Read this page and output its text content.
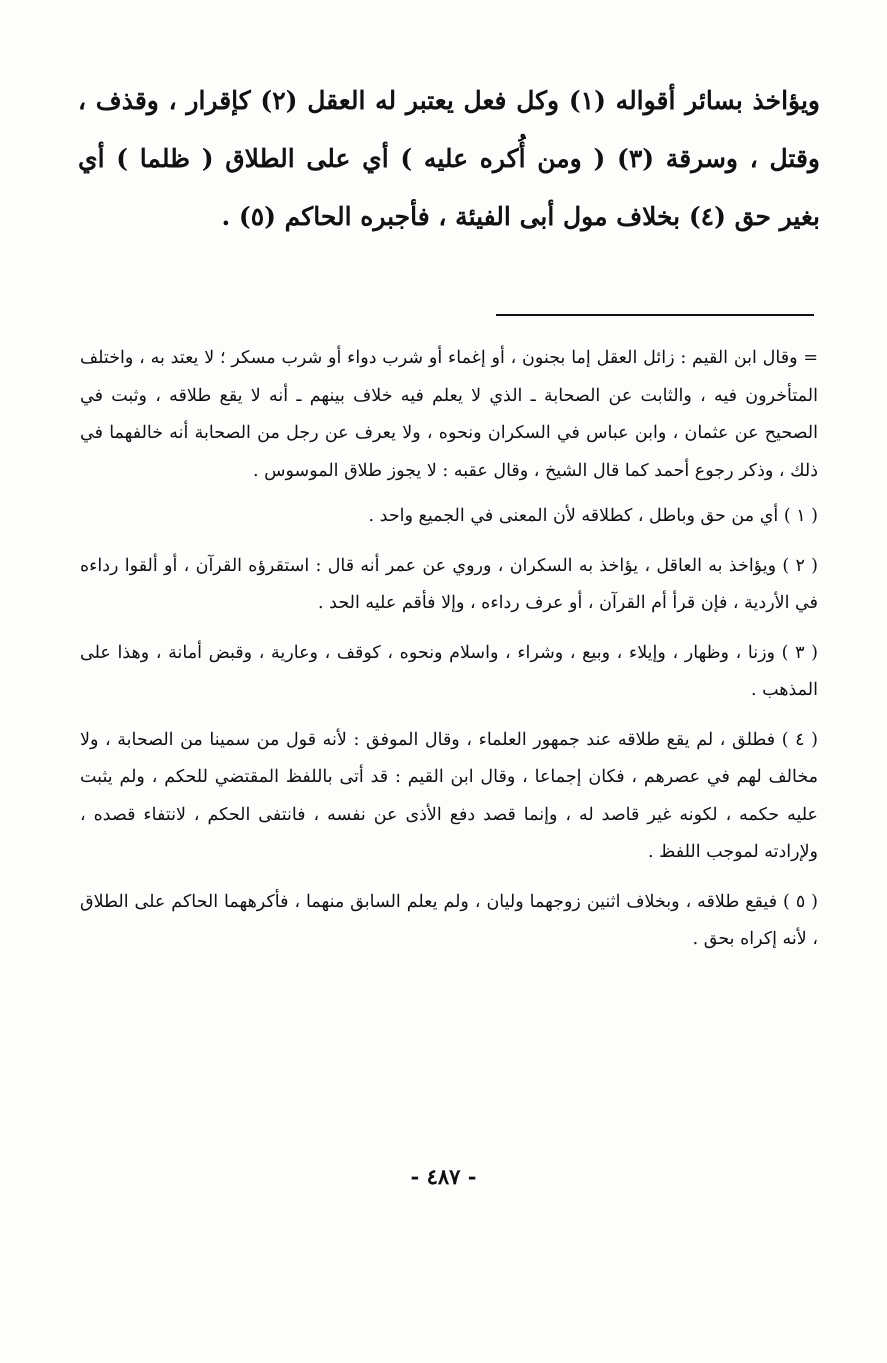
ويؤاخذ بسائر أقواله (١) وكل فعل يعتبر له العقل (٢) كإقرار ، وقذف ، وقتل ، وسرقة (٣) ( ومن أُكره عليه ) أي على الطلاق ( ظلما ) أي بغير حق (٤) بخلاف مول أبى الفيئة ، فأجبره الحاكم (٥) .

= وقال ابن القيم : زائل العقل إما بجنون ، أو إغماء أو شرب دواء أو شرب مسكر ؛ لا يعتد به ، واختلف المتأخرون فيه ، والثابت عن الصحابة ـ الذي لا يعلم فيه خلاف بينهم ـ أنه لا يقع طلاقه ، وثبت في الصحيح عن عثمان ، وابن عباس في السكران ونحوه ، ولا يعرف عن رجل من الصحابة أنه خالفهما في ذلك ، وذكر رجوع أحمد كما قال الشيخ ، وقال عقبه : لا يجوز طلاق الموسوس .

( ١ ) أي من حق وباطل ، كطلاقه لأن المعنى في الجميع واحد .

( ٢ ) ويؤاخذ به العاقل ، يؤاخذ به السكران ، وروي عن عمر أنه قال : استقرؤه القرآن ، أو ألقوا رداءه في الأردية ، فإن قرأ أم القرآن ، أو عرف رداءه ، وإلا فأقم عليه الحد .

( ٣ ) وزنا ، وظهار ، وإيلاء ، وبيع ، وشراء ، واسلام ونحوه ، كوقف ، وعارية ، وقبض أمانة ، وهذا على المذهب .

( ٤ ) فطلق ، لم يقع طلاقه عند جمهور العلماء ، وقال الموفق : لأنه قول من سمينا من الصحابة ، ولا مخالف لهم في عصرهم ، فكان إجماعا ، وقال ابن القيم : قد أتى باللفظ المقتضي للحكم ، ولم يثبت عليه حكمه ، لكونه غير قاصد له ، وإنما قصد دفع الأذى عن نفسه ، فانتفى الحكم ، لانتفاء قصده ، ولإرادته لموجب اللفظ .

( ٥ ) فيقع طلاقه ، وبخلاف اثنين زوجهما وليان ، ولم يعلم السابق منهما ، فأكرههما الحاكم على الطلاق ، لأنه إكراه بحق .

- ٤٨٧ -
